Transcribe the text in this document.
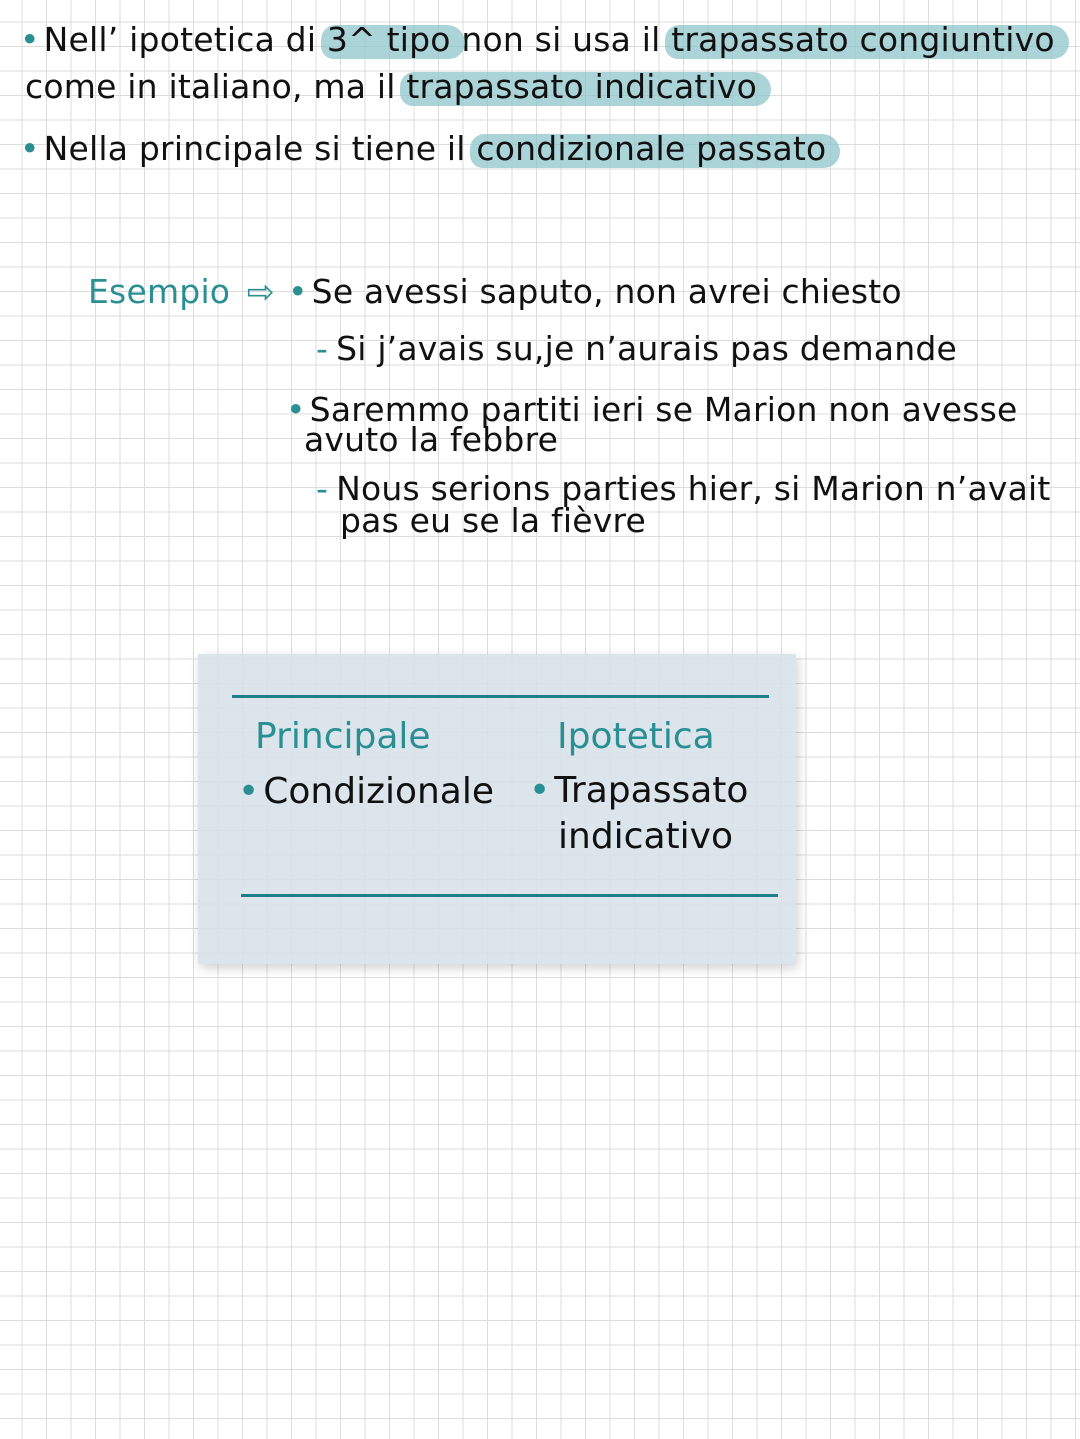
• Nell’ ipotetica di 3^ tipo non si usa il trapassato congiuntivo
come in italiano, ma il trapassato indicativo
• Nella principale si tiene il condizionale passato
Esempio ⇨ • Se avessi saputo, non avrei chiesto
- Si j’avais su,je n’aurais pas demande
• Saremmo partiti ieri se Marion non avesse
avuto la febbre
- Nous serions parties hier, si Marion n’avait
pas eu se la fièvre
Principale	Ipotetica
• Condizionale • Trapassato
indicativo
